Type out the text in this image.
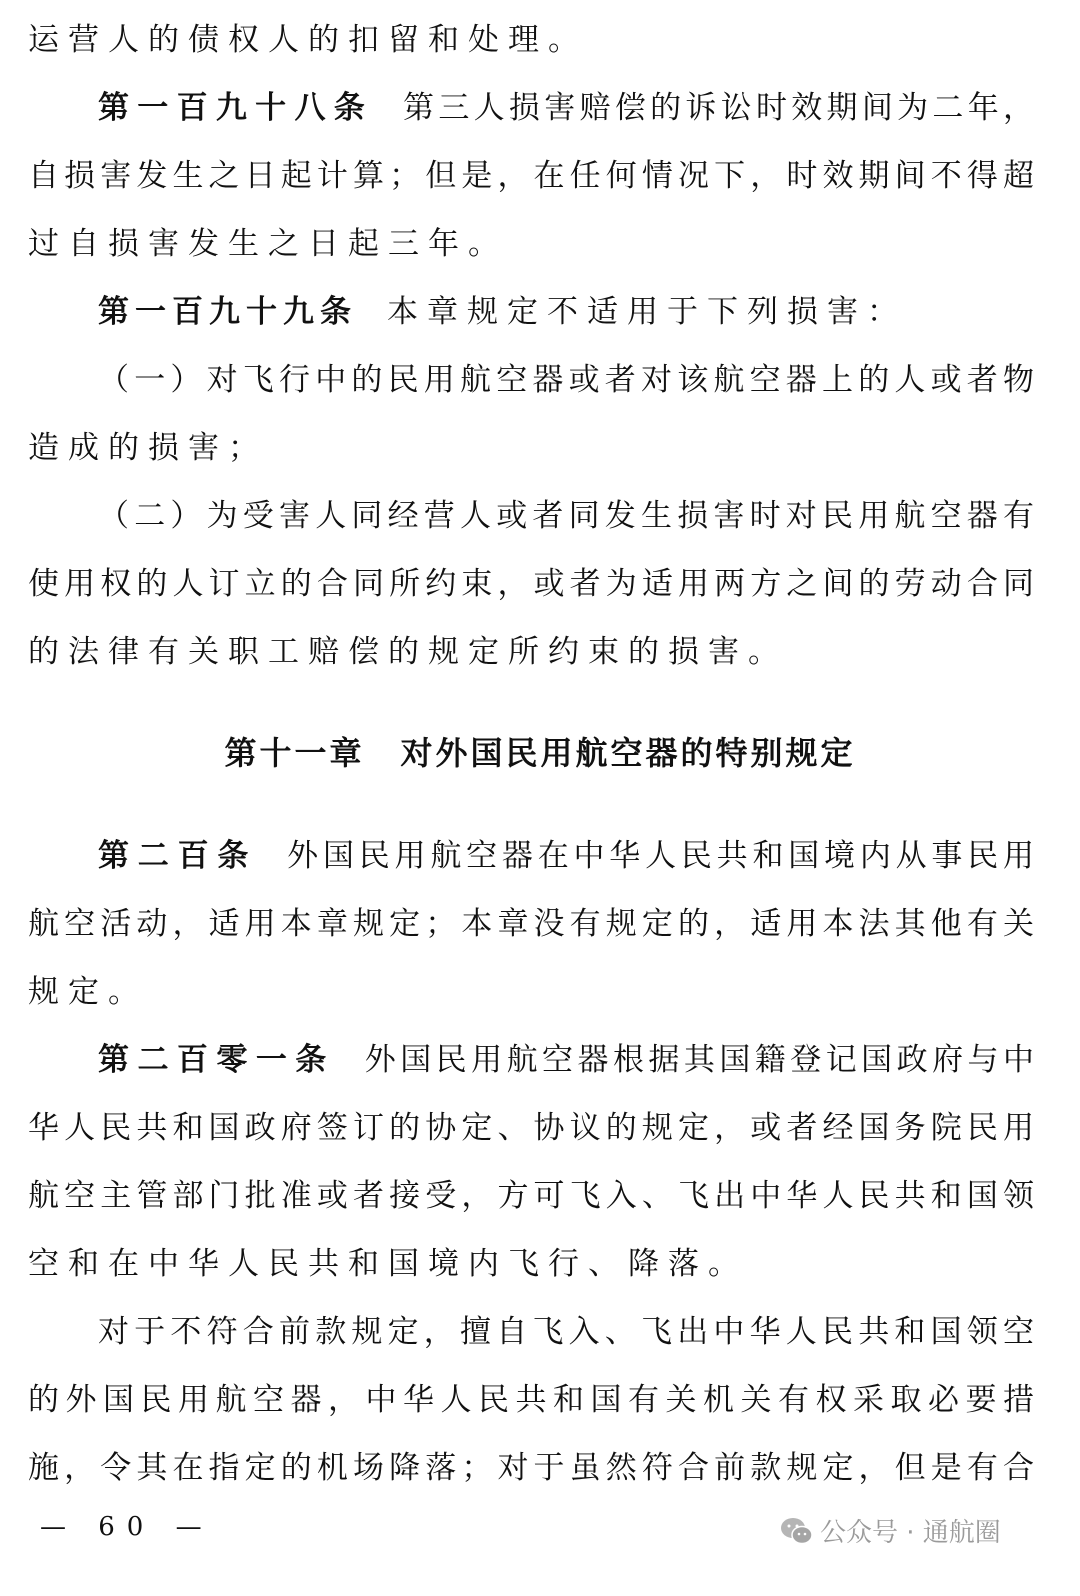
运营人的债权人的扣留和处理。
第一百九十八条 第三人损害赔偿的诉讼时效期间为二年，
自损害发生之日起计算；但是，在任何情况下，时效期间不得超
过自损害发生之日起三年。
第一百九十九条 本章规定不适用于下列损害：
（一）对飞行中的民用航空器或者对该航空器上的人或者物
造成的损害；
（二）为受害人同经营人或者同发生损害时对民用航空器有
使用权的人订立的合同所约束，或者为适用两方之间的劳动合同
的法律有关职工赔偿的规定所约束的损害。
第十一章 对外国民用航空器的特别规定
第二百条 外国民用航空器在中华人民共和国境内从事民用
航空活动，适用本章规定；本章没有规定的，适用本法其他有关
规定。
第二百零一条 外国民用航空器根据其国籍登记国政府与中
华人民共和国政府签订的协定、协议的规定，或者经国务院民用
航空主管部门批准或者接受，方可飞入、飞出中华人民共和国领
空和在中华人民共和国境内飞行、降落。
对于不符合前款规定，擅自飞入、飞出中华人民共和国领空
的外国民用航空器，中华人民共和国有关机关有权采取必要措
施，令其在指定的机场降落；对于虽然符合前款规定，但是有合
— 60 —	公众号 · 通航圈
